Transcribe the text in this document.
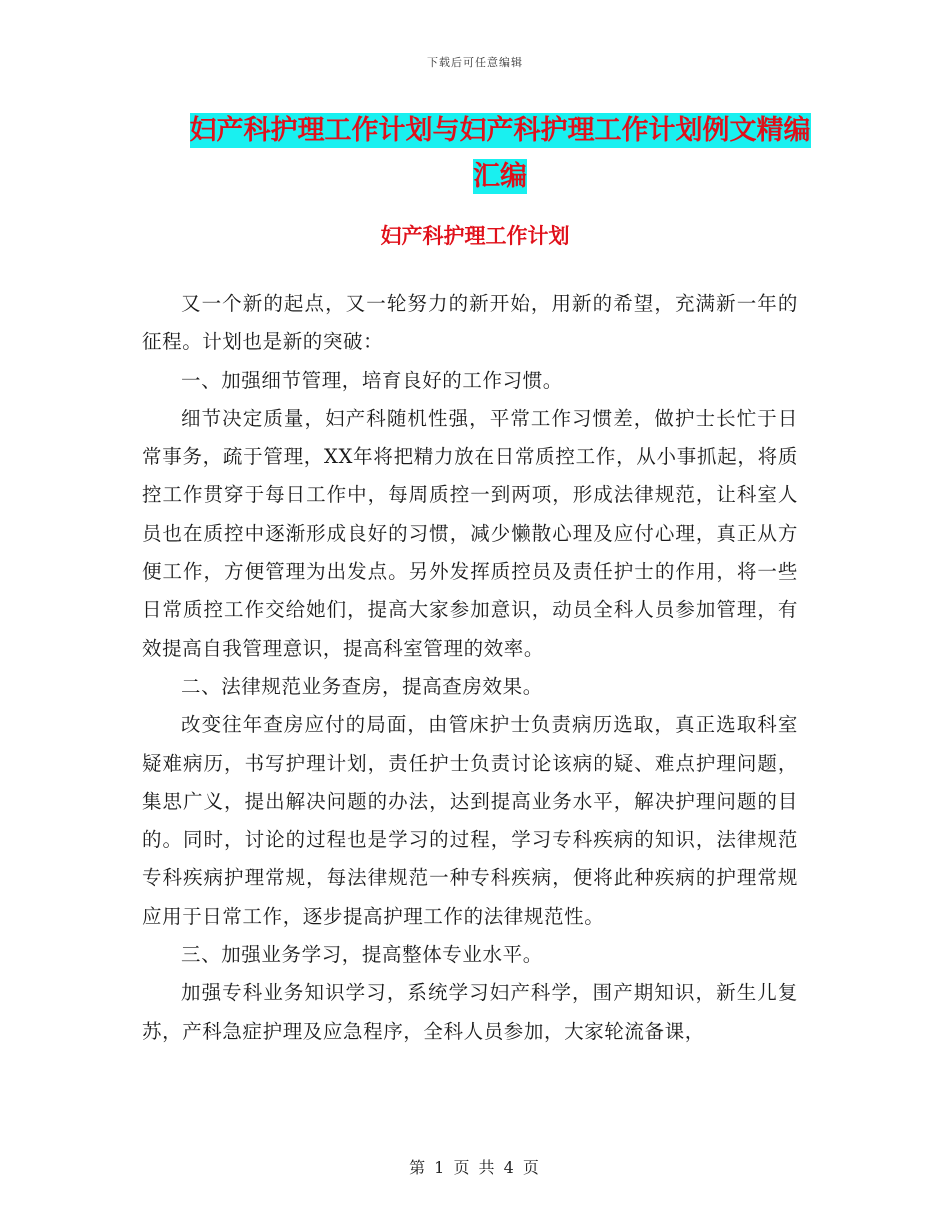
下载后可任意编辑
妇产科护理工作计划与妇产科护理工作计划例文精编
汇编
妇产科护理工作计划

又一个新的起点，又一轮努力的新开始，用新的希望，充满新一年的征程。计划也是新的突破：

一、加强细节管理，培育良好的工作习惯。

细节决定质量，妇产科随机性强，平常工作习惯差，做护士长忙于日常事务，疏于管理，XX年将把精力放在日常质控工作，从小事抓起，将质控工作贯穿于每日工作中，每周质控一到两项，形成法律规范，让科室人员也在质控中逐渐形成良好的习惯，减少懒散心理及应付心理，真正从方便工作，方便管理为出发点。另外发挥质控员及责任护士的作用，将一些日常质控工作交给她们，提高大家参加意识，动员全科人员参加管理，有效提高自我管理意识，提高科室管理的效率。

二、法律规范业务查房，提高查房效果。

改变往年查房应付的局面，由管床护士负责病历选取，真正选取科室疑难病历，书写护理计划，责任护士负责讨论该病的疑、难点护理问题，集思广义，提出解决问题的办法，达到提高业务水平，解决护理问题的目的。同时，讨论的过程也是学习的过程，学习专科疾病的知识，法律规范专科疾病护理常规，每法律规范一种专科疾病，便将此种疾病的护理常规应用于日常工作，逐步提高护理工作的法律规范性。

三、加强业务学习，提高整体专业水平。

加强专科业务知识学习，系统学习妇产科学，围产期知识，新生儿复苏，产科急症护理及应急程序，全科人员参加，大家轮流备课，

第 1 页 共 4 页
